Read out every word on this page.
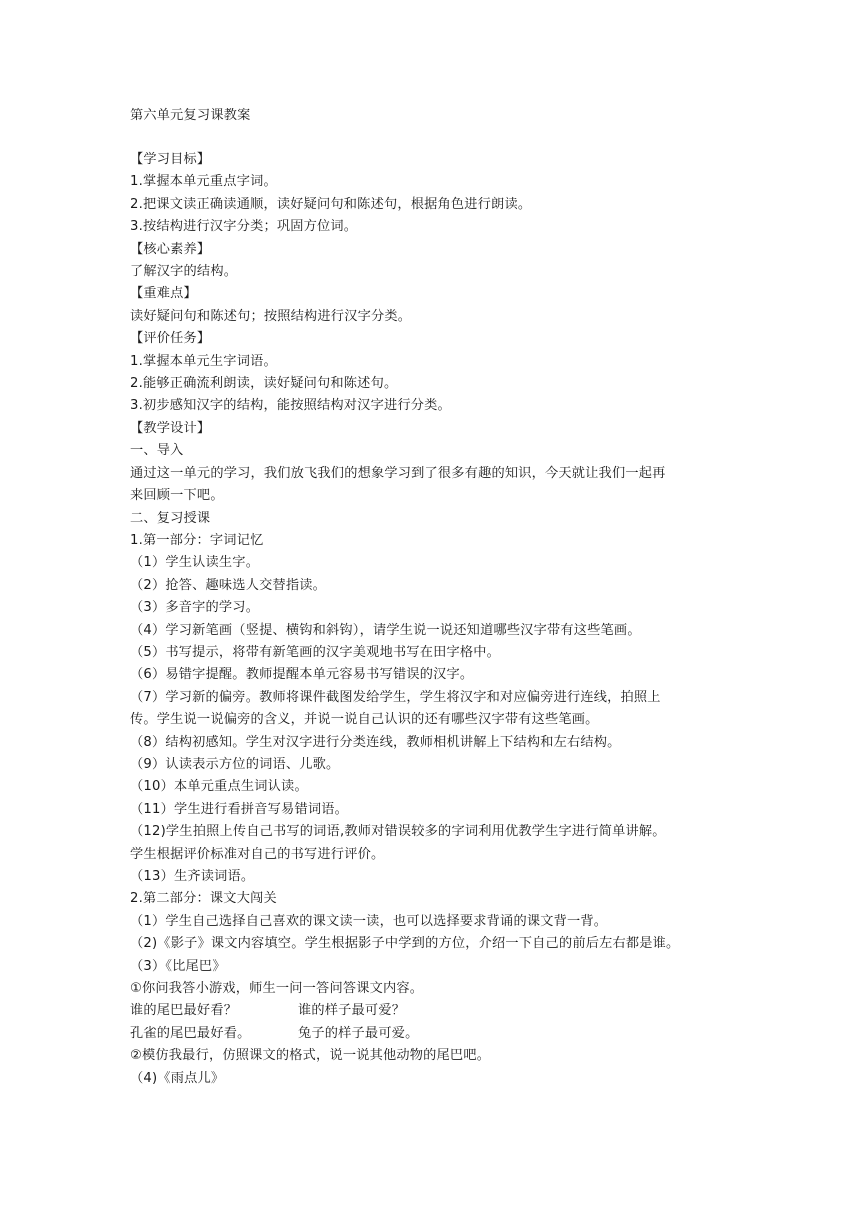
第六单元复习课教案
【学习目标】
1.掌握本单元重点字词。
2.把课文读正确读通顺，读好疑问句和陈述句，根据角色进行朗读。
3.按结构进行汉字分类；巩固方位词。
【核心素养】
了解汉字的结构。
【重难点】
读好疑问句和陈述句；按照结构进行汉字分类。
【评价任务】
1.掌握本单元生字词语。
2.能够正确流利朗读，读好疑问句和陈述句。
3.初步感知汉字的结构，能按照结构对汉字进行分类。
【教学设计】
一、导入
通过这一单元的学习，我们放飞我们的想象学习到了很多有趣的知识，今天就让我们一起再
来回顾一下吧。
二、复习授课
1.第一部分：字词记忆
（1）学生认读生字。
（2）抢答、趣味选人交替指读。
（3）多音字的学习。
（4）学习新笔画（竖提、横钩和斜钩），请学生说一说还知道哪些汉字带有这些笔画。
（5）书写提示，将带有新笔画的汉字美观地书写在田字格中。
（6）易错字提醒。教师提醒本单元容易书写错误的汉字。
（7）学习新的偏旁。教师将课件截图发给学生，学生将汉字和对应偏旁进行连线，拍照上
传。学生说一说偏旁的含义，并说一说自己认识的还有哪些汉字带有这些笔画。
（8）结构初感知。学生对汉字进行分类连线，教师相机讲解上下结构和左右结构。
（9）认读表示方位的词语、儿歌。
（10）本单元重点生词认读。
（11）学生进行看拼音写易错词语。
（12)学生拍照上传自己书写的词语,教师对错误较多的字词利用优教学生字进行简单讲解。
学生根据评价标准对自己的书写进行评价。
（13）生齐读词语。
2.第二部分：课文大闯关
（1）学生自己选择自己喜欢的课文读一读，也可以选择要求背诵的课文背一背。
（2)《影子》课文内容填空。学生根据影子中学到的方位，介绍一下自己的前后左右都是谁。
（3）《比尾巴》
①你问我答小游戏，师生一问一答问答课文内容。
谁的尾巴最好看？	谁的样子最可爱？
孔雀的尾巴最好看。	兔子的样子最可爱。
②模仿我最行，仿照课文的格式，说一说其他动物的尾巴吧。
（4)《雨点儿》
